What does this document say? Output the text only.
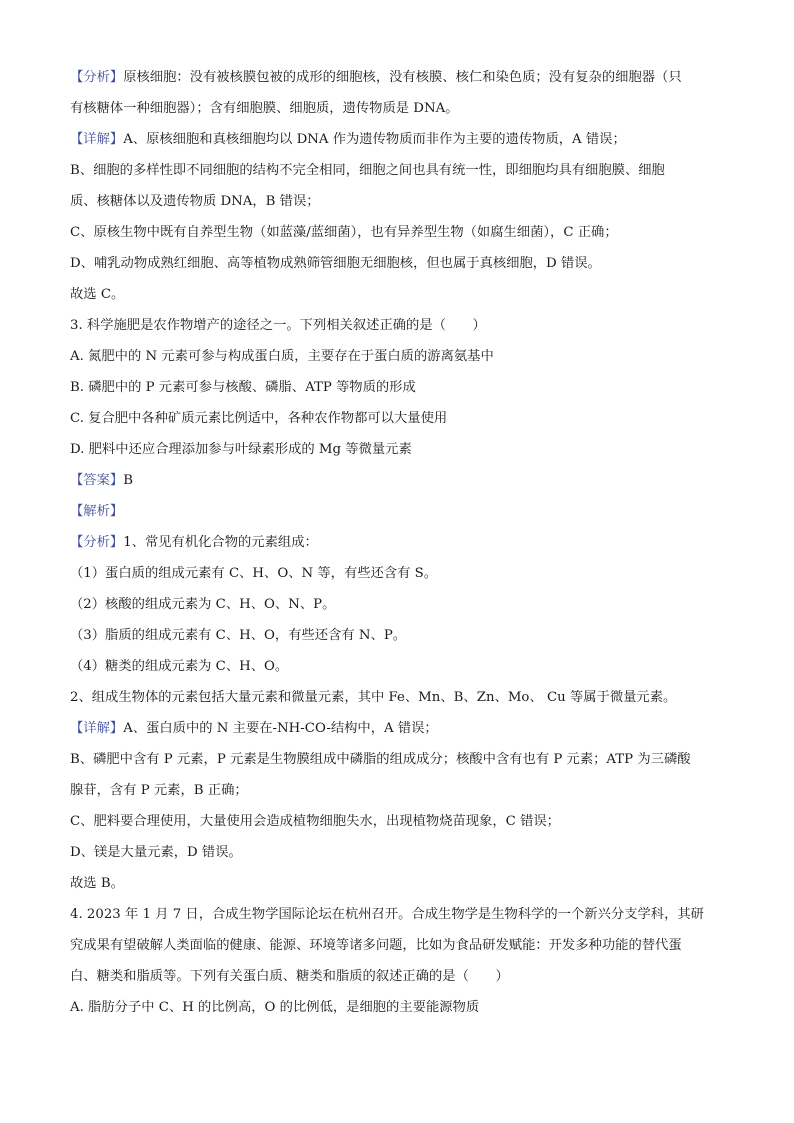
【分析】原核细胞：没有被核膜包被的成形的细胞核，没有核膜、核仁和染色质；没有复杂的细胞器（只
有核糖体一种细胞器）；含有细胞膜、细胞质，遗传物质是 DNA。
【详解】A、原核细胞和真核细胞均以 DNA 作为遗传物质而非作为主要的遗传物质，A 错误；
B、细胞的多样性即不同细胞的结构不完全相同，细胞之间也具有统一性，即细胞均具有细胞膜、细胞
质、核糖体以及遗传物质 DNA，B 错误；
C、原核生物中既有自养型生物（如蓝藻/蓝细菌），也有异养型生物（如腐生细菌），C 正确；
D、哺乳动物成熟红细胞、高等植物成熟筛管细胞无细胞核，但也属于真核细胞，D 错误。
故选 C。
3. 科学施肥是农作物增产的途径之一。下列相关叙述正确的是（　　）
A. 氮肥中的 N 元素可参与构成蛋白质，主要存在于蛋白质的游离氨基中
B. 磷肥中的 P 元素可参与核酸、磷脂、ATP 等物质的形成
C. 复合肥中各种矿质元素比例适中，各种农作物都可以大量使用
D. 肥料中还应合理添加参与叶绿素形成的 Mg 等微量元素
【答案】B
【解析】
【分析】1、常见有机化合物的元素组成：
（1）蛋白质的组成元素有 C、H、O、N 等，有些还含有 S。
（2）核酸的组成元素为 C、H、O、N、P。
（3）脂质的组成元素有 C、H、O，有些还含有 N、P。
（4）糖类的组成元素为 C、H、O。
2、组成生物体的元素包括大量元素和微量元素，其中 Fe、Mn、B、Zn、Mo、 Cu 等属于微量元素。
【详解】A、蛋白质中的 N 主要在-NH-CO-结构中，A 错误；
B、磷肥中含有 P 元素，P 元素是生物膜组成中磷脂的组成成分；核酸中含有也有 P 元素；ATP 为三磷酸
腺苷，含有 P 元素，B 正确；
C、肥料要合理使用，大量使用会造成植物细胞失水，出现植物烧苗现象，C 错误；
D、镁是大量元素，D 错误。
故选 B。
4. 2023 年 1 月 7 日，合成生物学国际论坛在杭州召开。合成生物学是生物科学的一个新兴分支学科，其研
究成果有望破解人类面临的健康、能源、环境等诸多问题，比如为食品研发赋能：开发多种功能的替代蛋
白、糖类和脂质等。下列有关蛋白质、糖类和脂质的叙述正确的是（　　）
A. 脂肪分子中 C、H 的比例高，O 的比例低，是细胞的主要能源物质
